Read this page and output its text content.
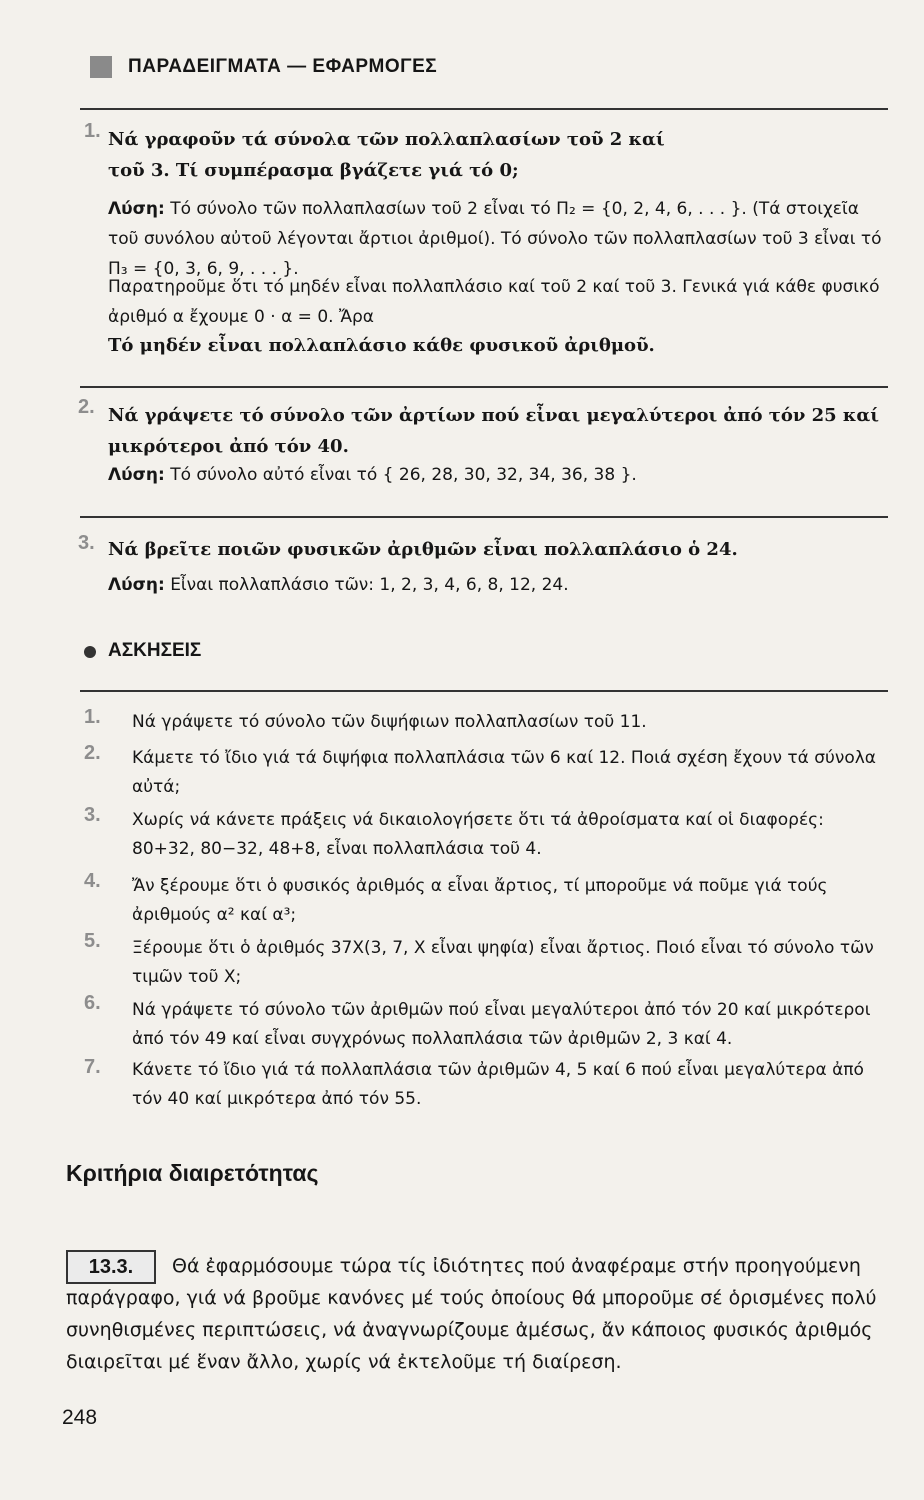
ΠΑΡΑΔΕΙΓΜΑΤΑ — ΕΦΑΡΜΟΓΕΣ
1. Νά γραφοῦν τά σύνολα τῶν πολλαπλασίων τοῦ 2 καί τοῦ 3. Τί συμπέρασμα βγάζετε γιά τό 0;
Λύση: Τό σύνολο τῶν πολλαπλασίων τοῦ 2 εἶναι τό Π₂ = {0, 2, 4, 6, . . . }. (Τά στοιχεῖα τοῦ συνόλου αὐτοῦ λέγονται ἄρτιοι ἀριθμοί). Τό σύνολο τῶν πολλαπλασίων τοῦ 3 εἶναι τό Π₃ = {0, 3, 6, 9, . . . }.
Παρατηροῦμε ὅτι τό μηδέν εἶναι πολλαπλάσιο καί τοῦ 2 καί τοῦ 3. Γενικά γιά κάθε φυσικό ἀριθμό α ἔχουμε 0 · α = 0. Ἄρα
Τό μηδέν εἶναι πολλαπλάσιο κάθε φυσικοῦ ἀριθμοῦ.
2. Νά γράψετε τό σύνολο τῶν ἀρτίων πού εἶναι μεγαλύτεροι ἀπό τόν 25 καί μικρότεροι ἀπό τόν 40.
Λύση: Τό σύνολο αὐτό εἶναι τό { 26, 28, 30, 32, 34, 36, 38 }.
3. Νά βρεῖτε ποιῶν φυσικῶν ἀριθμῶν εἶναι πολλαπλάσιο ὁ 24.
Λύση: Εἶναι πολλαπλάσιο τῶν: 1, 2, 3, 4, 6, 8, 12, 24.
ΑΣΚΗΣΕΙΣ
1. Νά γράψετε τό σύνολο τῶν διψήφιων πολλαπλασίων τοῦ 11.
2. Κάμετε τό ἴδιο γιά τά διψήφια πολλαπλάσια τῶν 6 καί 12. Ποιά σχέση ἔχουν τά σύνολα αὐτά;
3. Χωρίς νά κάνετε πράξεις νά δικαιολογήσετε ὅτι τά ἀθροίσματα καί οἱ διαφορές: 80+32, 80−32, 48+8, εἶναι πολλαπλάσια τοῦ 4.
4. Ἄν ξέρουμε ὅτι ὁ φυσικός ἀριθμός α εἶναι ἄρτιος, τί μποροῦμε νά ποῦμε γιά τούς ἀριθμούς α² καί α³;
5. Ξέρουμε ὅτι ὁ ἀριθμός 37Χ(3, 7, Χ εἶναι ψηφία) εἶναι ἄρτιος. Ποιό εἶναι τό σύνολο τῶν τιμῶν τοῦ Χ;
6. Νά γράψετε τό σύνολο τῶν ἀριθμῶν πού εἶναι μεγαλύτεροι ἀπό τόν 20 καί μικρότεροι ἀπό τόν 49 καί εἶναι συγχρόνως πολλαπλάσια τῶν ἀριθμῶν 2, 3 καί 4.
7. Κάνετε τό ἴδιο γιά τά πολλαπλάσια τῶν ἀριθμῶν 4, 5 καί 6 πού εἶναι μεγαλύτερα ἀπό τόν 40 καί μικρότερα ἀπό τόν 55.
Κριτήρια διαιρετότητας
Θά ἐφαρμόσουμε τώρα τίς ἰδιότητες πού ἀναφέραμε στήν προηγούμενη παράγραφο, γιά νά βροῦμε κανόνες μέ τούς ὁποίους θά μποροῦμε σέ ὁρισμένες πολύ συνηθισμένες περιπτώσεις, νά ἀναγνωρίζουμε ἀμέσως, ἄν κάποιος φυσικός ἀριθμός διαιρεῖται μέ ἕναν ἄλλο, χωρίς νά ἐκτελοῦμε τή διαίρεση.
13.3.
248
